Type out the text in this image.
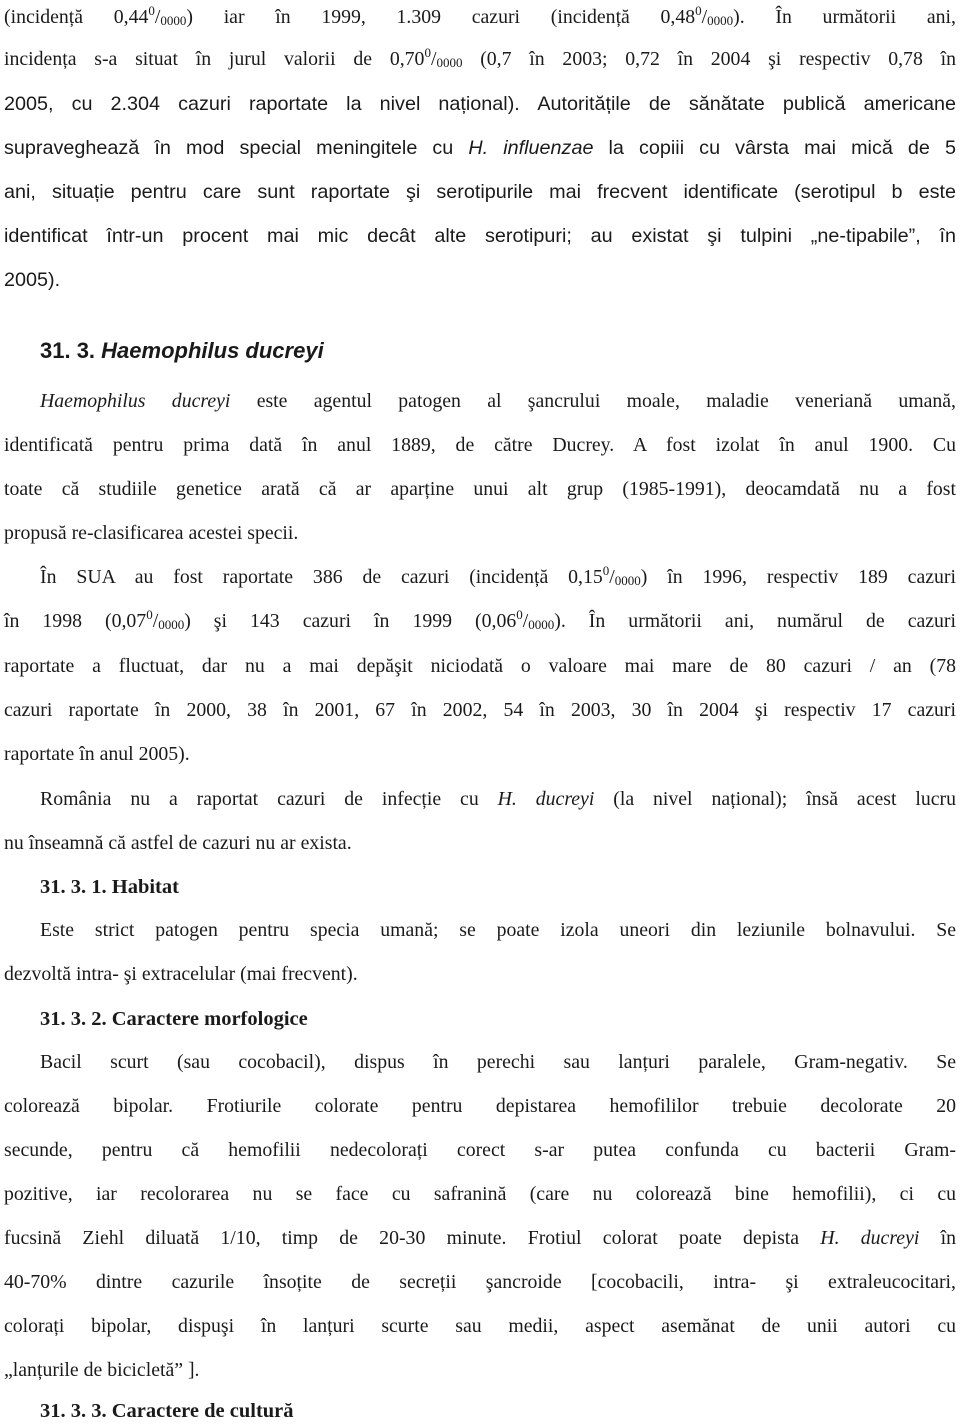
(incidență $0,44^0/_{0000}$) iar în 1999, 1.309 cazuri (incidență $0,48^0/_{0000}$). În următorii ani,
incidența s-a situat în jurul valorii de $0,70^0/_{0000}$ (0,7 în 2003; 0,72 în 2004 şi respectiv 0,78 în
2005, cu 2.304 cazuri raportate la nivel național). Autoritățile de sănătate publică americane
supraveghează în mod special meningitele cu H. influenzae la copiii cu vârsta mai mică de 5
ani, situație pentru care sunt raportate şi serotipurile mai frecvent identificate (serotipul b este
identificat într-un procent mai mic decât alte serotipuri; au existat şi tulpini „ne-tipabile”, în
2005).
31. 3. Haemophilus ducreyi
Haemophilus ducreyi este agentul patogen al şancrului moale, maladie veneriană umană,
identificată pentru prima dată în anul 1889, de către Ducrey. A fost izolat în anul 1900. Cu
toate că studiile genetice arată că ar aparține unui alt grup (1985-1991), deocamdată nu a fost
propusă re-clasificarea acestei specii.
În SUA au fost raportate 386 de cazuri (incidență $0,15^0/_{0000}$) în 1996, respectiv 189 cazuri
în 1998 $(0,07^0/_{0000})$ şi 143 cazuri în 1999 $(0,06^0/_{0000})$. În următorii ani, numărul de cazuri
raportate a fluctuat, dar nu a mai depăşit niciodată o valoare mai mare de 80 cazuri / an (78
cazuri raportate în 2000, 38 în 2001, 67 în 2002, 54 în 2003, 30 în 2004 şi respectiv 17 cazuri
raportate în anul 2005).
România nu a raportat cazuri de infecție cu H. ducreyi (la nivel național); însă acest lucru
nu înseamnă că astfel de cazuri nu ar exista.
31. 3. 1. Habitat
Este strict patogen pentru specia umană; se poate izola uneori din leziunile bolnavului. Se
dezvoltă intra- şi extracelular (mai frecvent).
31. 3. 2. Caractere morfologice
Bacil scurt (sau cocobacil), dispus în perechi sau lanțuri paralele, Gram-negativ. Se
colorează bipolar. Frotiurile colorate pentru depistarea hemofililor trebuie decolorate 20
secunde, pentru că hemofilii nedecolorați corect s-ar putea confunda cu bacterii Gram-
pozitive, iar recolorarea nu se face cu safranină (care nu colorează bine hemofilii), ci cu
fucsină Ziehl diluată 1/10, timp de 20-30 minute. Frotiul colorat poate depista H. ducreyi în
40-70% dintre cazurile însoțite de secreții şancroide [cocobacili, intra- şi extraleucocitari,
colorați bipolar, dispuşi în lanțuri scurte sau medii, aspect asemănat de unii autori cu
„lanțurile de bicicletă” ].
31. 3. 3. Caractere de cultură
